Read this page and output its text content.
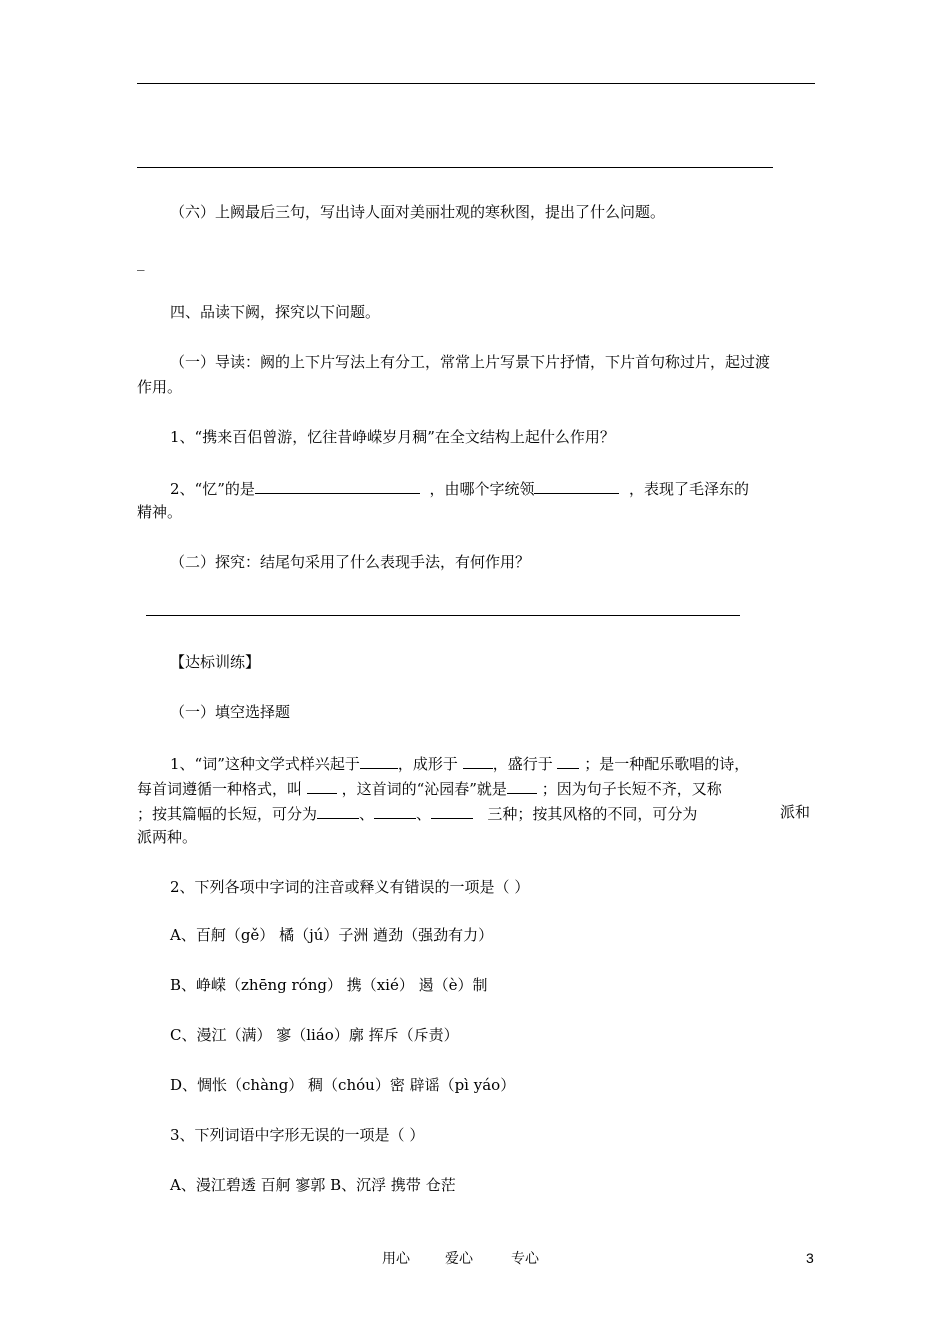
（六）上阙最后三句，写出诗人面对美丽壮观的寒秋图，提出了什么问题。
_
四、品读下阙，探究以下问题。
（一）导读：阙的上下片写法上有分工，常常上片写景下片抒情，下片首句称过片，起过渡
作用。
1、“携来百侣曾游，忆往昔峥嵘岁月稠”在全文结构上起什么作用？
2、“忆”的是	，由哪个字统领	，表现了毛泽东的
精神。
（二）探究：结尾句采用了什么表现手法，有何作用？
【达标训练】
（一）填空选择题
1、“词”这种文学式样兴起于	，成形于 ，盛行于 ；是一种配乐歌唱的诗，
每首词遵循一种格式，叫	，这首词的“沁园春”就是 ；因为句子长短不齐，又称
；按其篇幅的长短，可分为	、	、	三种；按其风格的不同，可分为	派和
派两种。
2、下列各项中字词的注音或释义有错误的一项是（ ）
A、百舸（gě） 橘（jú）子洲 遒劲（强劲有力）
B、峥嵘（zhēng róng） 携（xié） 遏（è）制
C、漫江（满） 寥（liáo）廓 挥斥（斥责）
D、惆怅（chàng） 稠（chóu）密 辟谣（pì yáo）
3、下列词语中字形无误的一项是（ ）
A、漫江碧透 百舸 寥郭 B、沉浮 携带 仓茫
用心	爱心	专心	3
